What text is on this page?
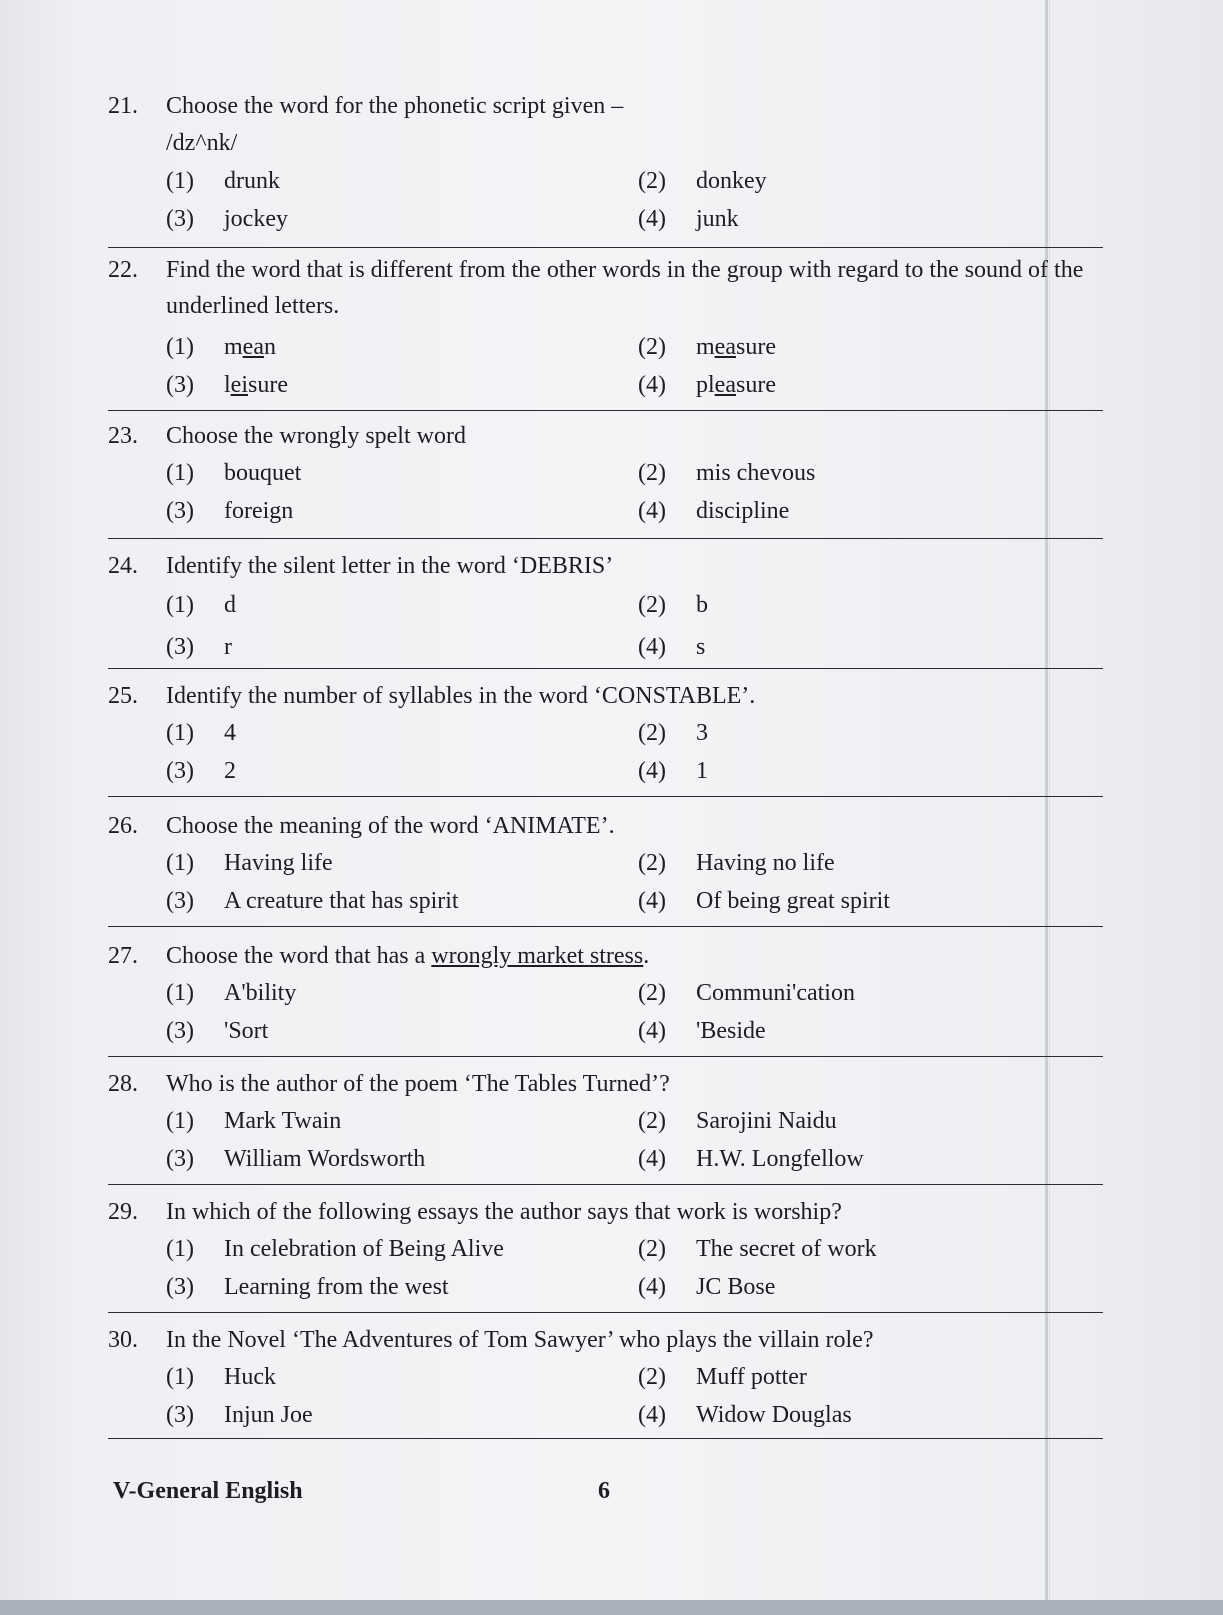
21.	Choose the word for the phonetic script given –
/dz^nk/
(1)	drunk	(2)	donkey
(3)	jockey	(4)	junk
22.	Find the word that is different from the other words in the group with regard to the sound of the underlined letters.
(1)	mean	(2)	measure
(3)	leisure	(4)	pleasure
23.	Choose the wrongly spelt word
(1)	bouquet	(2)	mis chevous
(3)	foreign	(4)	discipline
24.	Identify the silent letter in the word ‘DEBRIS’
(1)	d	(2)	b
(3)	r	(4)	s
25.	Identify the number of syllables in the word ‘CONSTABLE’.
(1)	4	(2)	3
(3)	2	(4)	1
26.	Choose the meaning of the word ‘ANIMATE’.
(1)	Having life	(2)	Having no life
(3)	A creature that has spirit	(4)	Of being great spirit
27.	Choose the word that has a wrongly market stress.
(1)	A'bility	(2)	Communi'cation
(3)	'Sort	(4)	'Beside
28.	Who is the author of the poem ‘The Tables Turned’?
(1)	Mark Twain	(2)	Sarojini Naidu
(3)	William Wordsworth	(4)	H.W. Longfellow
29.	In which of the following essays the author says that work is worship?
(1)	In celebration of Being Alive	(2)	The secret of work
(3)	Learning from the west	(4)	JC Bose
30.	In the Novel ‘The Adventures of Tom Sawyer’ who plays the villain role?
(1)	Huck	(2)	Muff potter
(3)	Injun Joe	(4)	Widow Douglas
V-General English	6
